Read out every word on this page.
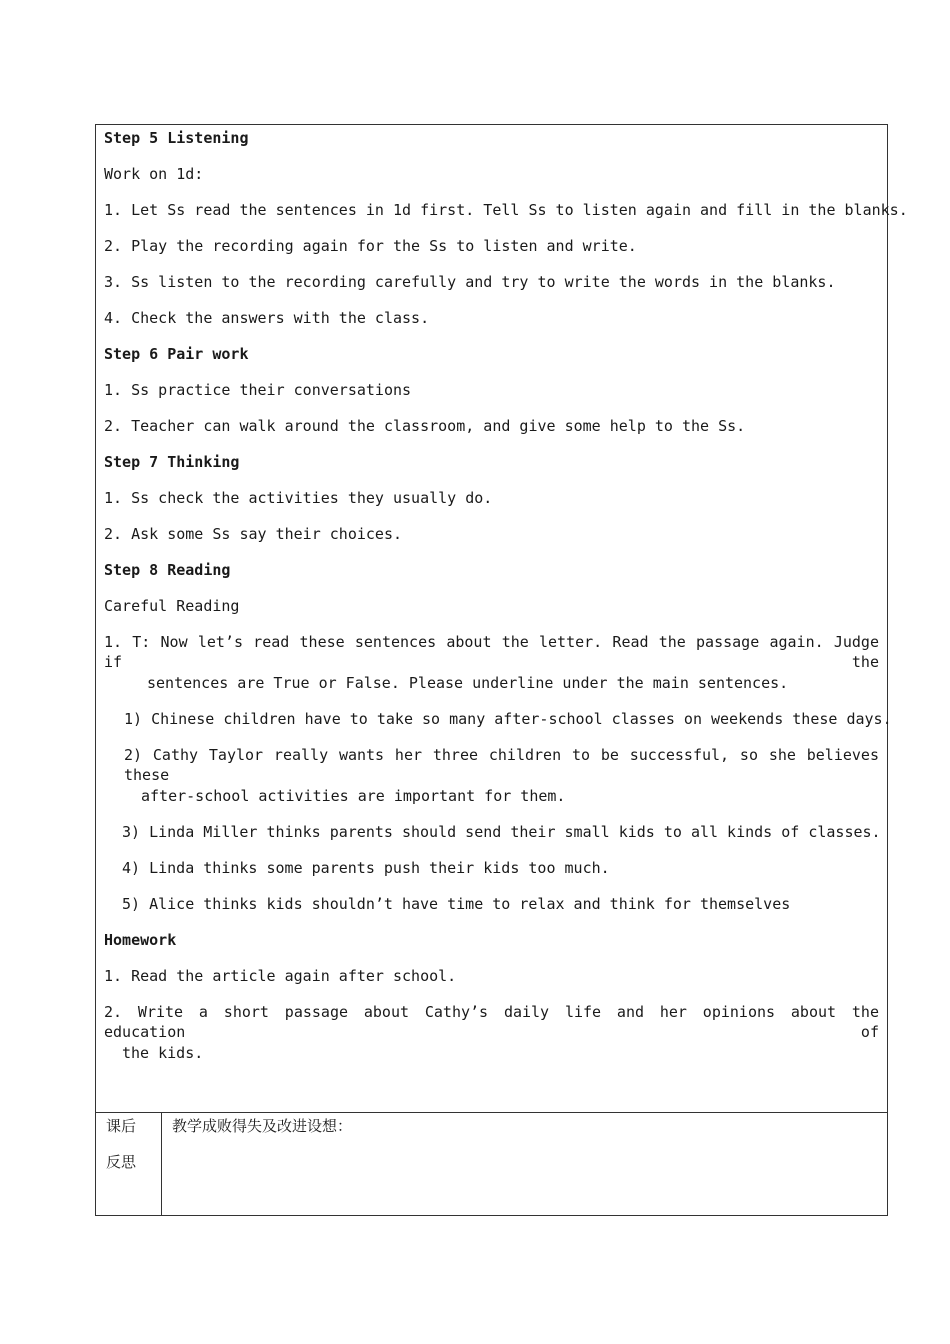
Step 5 Listening
Work on 1d:
1. Let Ss read the sentences in 1d first. Tell Ss to listen again and fill in the blanks.
2. Play the recording again for the Ss to listen and write.
3. Ss listen to the recording carefully and try to write the words in the blanks.
4. Check the answers with the class.
Step 6 Pair work
1. Ss practice their conversations
2. Teacher can walk around the classroom, and give some help to the Ss.
Step 7 Thinking
1. Ss check the activities they usually do.
2. Ask some Ss say their choices.
Step 8 Reading
Careful Reading
1. T: Now let’s read these sentences about the letter. Read the passage again. Judge if the
sentences are True or False. Please underline under the main sentences.
1) Chinese children have to take so many after-school classes on weekends these days.
2) Cathy Taylor really wants her three children to be successful, so she believes these
after-school activities are important for them.
3) Linda Miller thinks parents should send their small kids to all kinds of classes.
4) Linda thinks some parents push their kids too much.
5) Alice thinks kids shouldn’t have time to relax and think for themselves
Homework
1. Read the article again after school.
2. Write a short passage about Cathy’s daily life and her opinions about the education of
the kids.
课后
反思
教学成败得失及改进设想：
